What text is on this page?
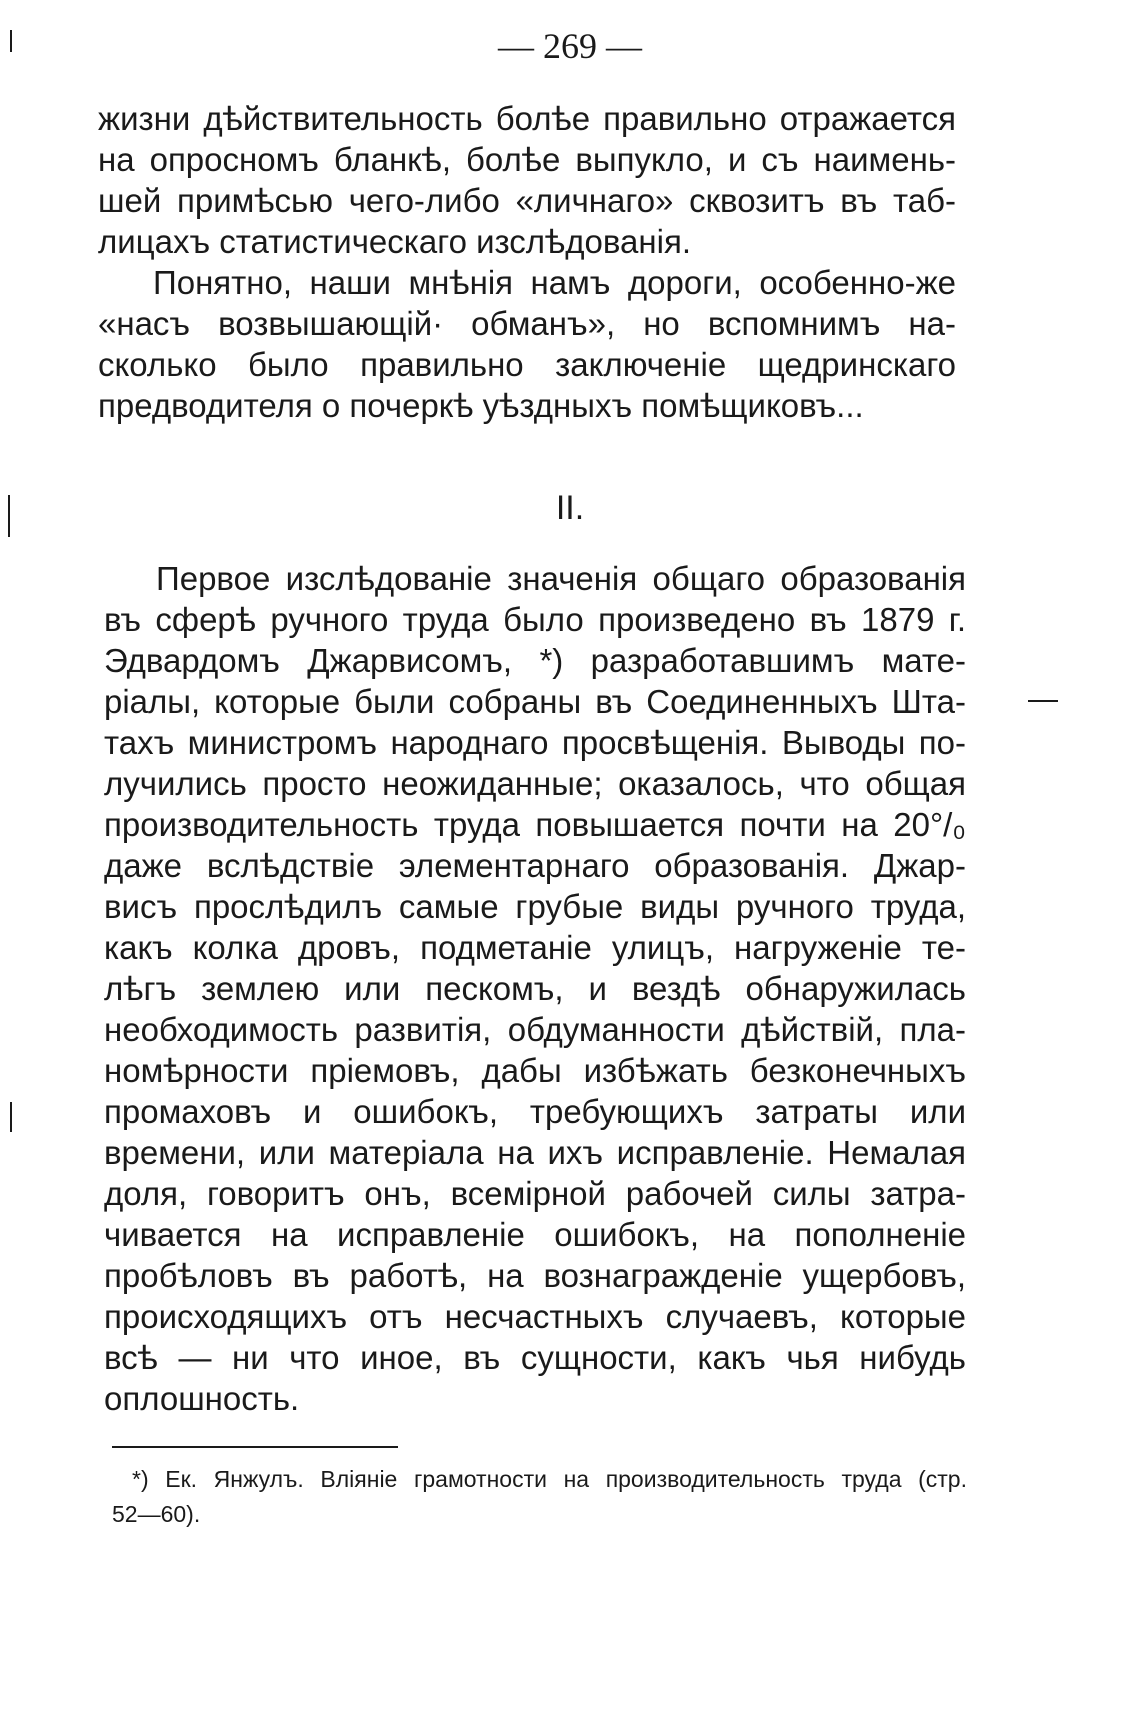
— 269 —
жизни дѣйствительность болѣе правильно отражается
на опросномъ бланкѣ, болѣе выпукло, и съ наимень-
шей примѣсью чего-либо «личнаго» сквозитъ въ таб-
лицахъ статистическаго изслѣдованія.
Понятно, наши мнѣнія намъ дороги, особенно-же
«насъ возвышающій· обманъ», но вспомнимъ на-
сколько было правильно заключеніе щедринскаго
предводителя о почеркѣ уѣздныхъ помѣщиковъ...
II.
Первое изслѣдованіе значенія общаго образованія
въ сферѣ ручного труда было произведено въ 1879 г.
Эдвардомъ Джарвисомъ, *) разработавшимъ мате-
ріалы, которые были собраны въ Соединенныхъ Шта-
тахъ министромъ народнаго просвѣщенія. Выводы по-
лучились просто неожиданные; оказалось, что общая
производительность труда повышается почти на 20°/₀
даже вслѣдствіе элементарнаго образованія. Джар-
висъ прослѣдилъ самые грубые виды ручного труда,
какъ колка дровъ, подметаніе улицъ, нагруженіе те-
лѣгъ землею или пескомъ, и вездѣ обнаружилась
необходимость развитія, обдуманности дѣйствій, пла-
номѣрности пріемовъ, дабы избѣжать безконечныхъ
промаховъ и ошибокъ, требующихъ затраты или
времени, или матеріала на ихъ исправленіе. Немалая
доля, говоритъ онъ, всемірной рабочей силы затра-
чивается на исправленіе ошибокъ, на пополненіе
пробѣловъ въ работѣ, на вознагражденіе ущербовъ,
происходящихъ отъ несчастныхъ случаевъ, которые
всѣ — ни что иное, въ сущности, какъ чья нибудь
оплошность.
*) Ек. Янжулъ. Вліяніе грамотности на производительность труда (стр.
52—60).
